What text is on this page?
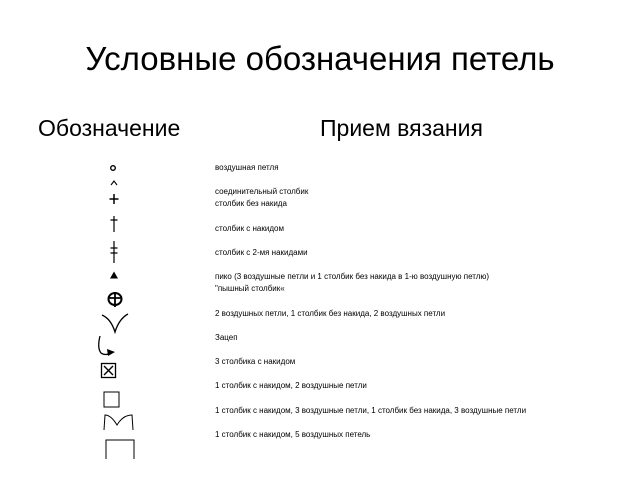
Условные обозначения петель
Обозначение	Прием вязания
воздушная петля
соединительный столбик
столбик без накида
столбик с накидом
столбик с 2-мя накидами
пико (3 воздушные петли и 1 столбик без накида в 1-ю воздушную петлю)
"пышный столбик«
2 воздушных петли, 1 столбик без накида, 2 воздушных петли
Зацеп
3 столбика с накидом
1 столбик с накидом, 2 воздушные петли
1 столбик с накидом, 3 воздушные петли, 1 столбик без накида, 3 воздушные петли
1 столбик с накидом, 5 воздушных петель
